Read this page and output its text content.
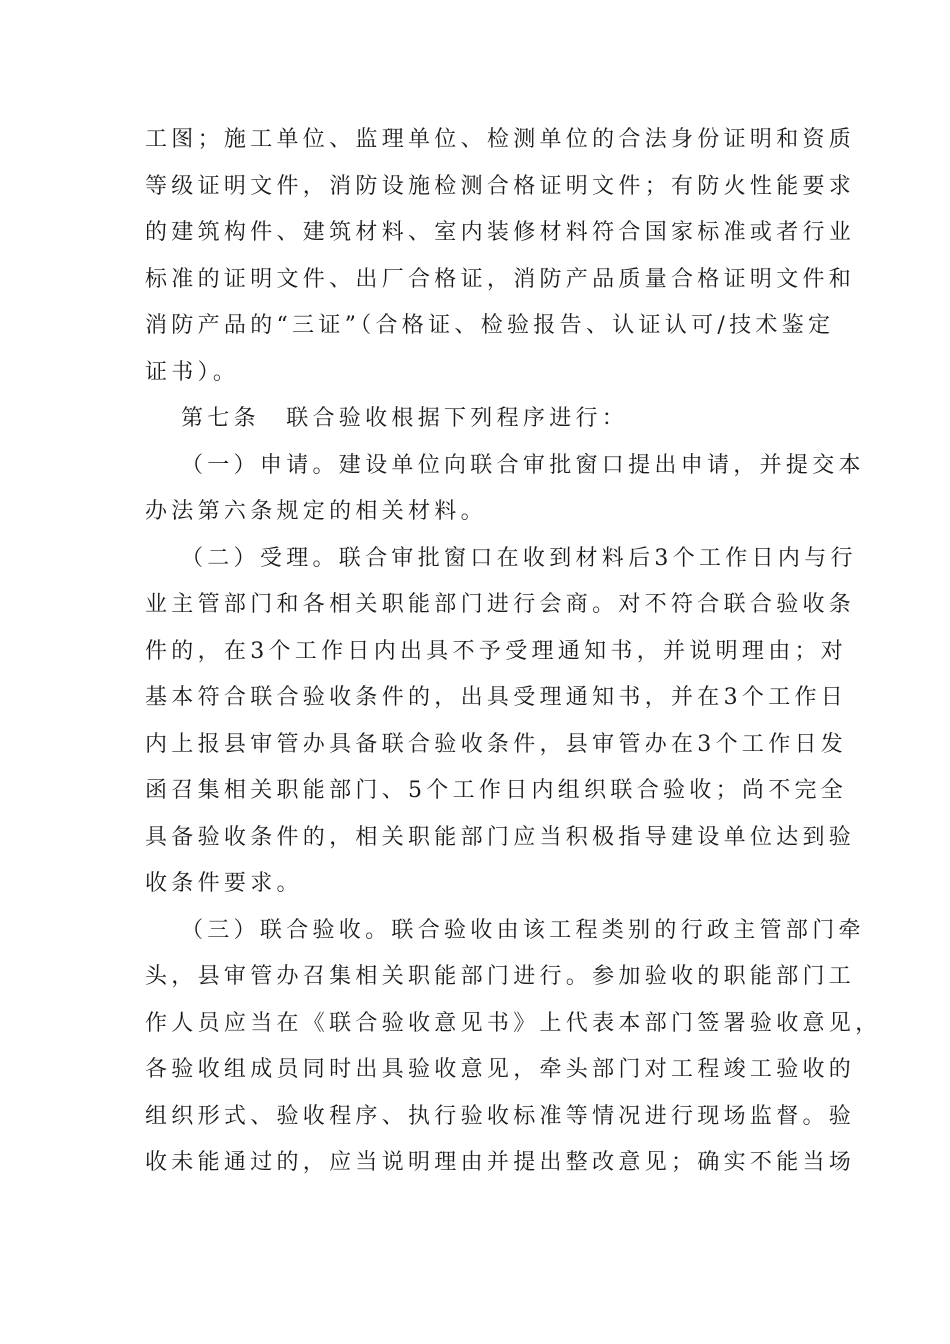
工图；施工单位、监理单位、检测单位的合法身份证明和资质
等级证明文件，消防设施检测合格证明文件；有防火性能要求
的建筑构件、建筑材料、室内装修材料符合国家标准或者行业
标准的证明文件、出厂合格证，消防产品质量合格证明文件和
消防产品的“三证”（合格证、检验报告、认证认可/技术鉴定
证书）。
第七条　联合验收根据下列程序进行：
（一）申请。建设单位向联合审批窗口提出申请，并提交本
办法第六条规定的相关材料。
（二）受理。联合审批窗口在收到材料后3个工作日内与行
业主管部门和各相关职能部门进行会商。对不符合联合验收条
件的，在3个工作日内出具不予受理通知书，并说明理由；对
基本符合联合验收条件的，出具受理通知书，并在3个工作日
内上报县审管办具备联合验收条件，县审管办在3个工作日发
函召集相关职能部门、5个工作日内组织联合验收；尚不完全
具备验收条件的，相关职能部门应当积极指导建设单位达到验
收条件要求。
（三）联合验收。联合验收由该工程类别的行政主管部门牵
头，县审管办召集相关职能部门进行。参加验收的职能部门工
作人员应当在《联合验收意见书》上代表本部门签署验收意见，
各验收组成员同时出具验收意见，牵头部门对工程竣工验收的
组织形式、验收程序、执行验收标准等情况进行现场监督。验
收未能通过的，应当说明理由并提出整改意见；确实不能当场
